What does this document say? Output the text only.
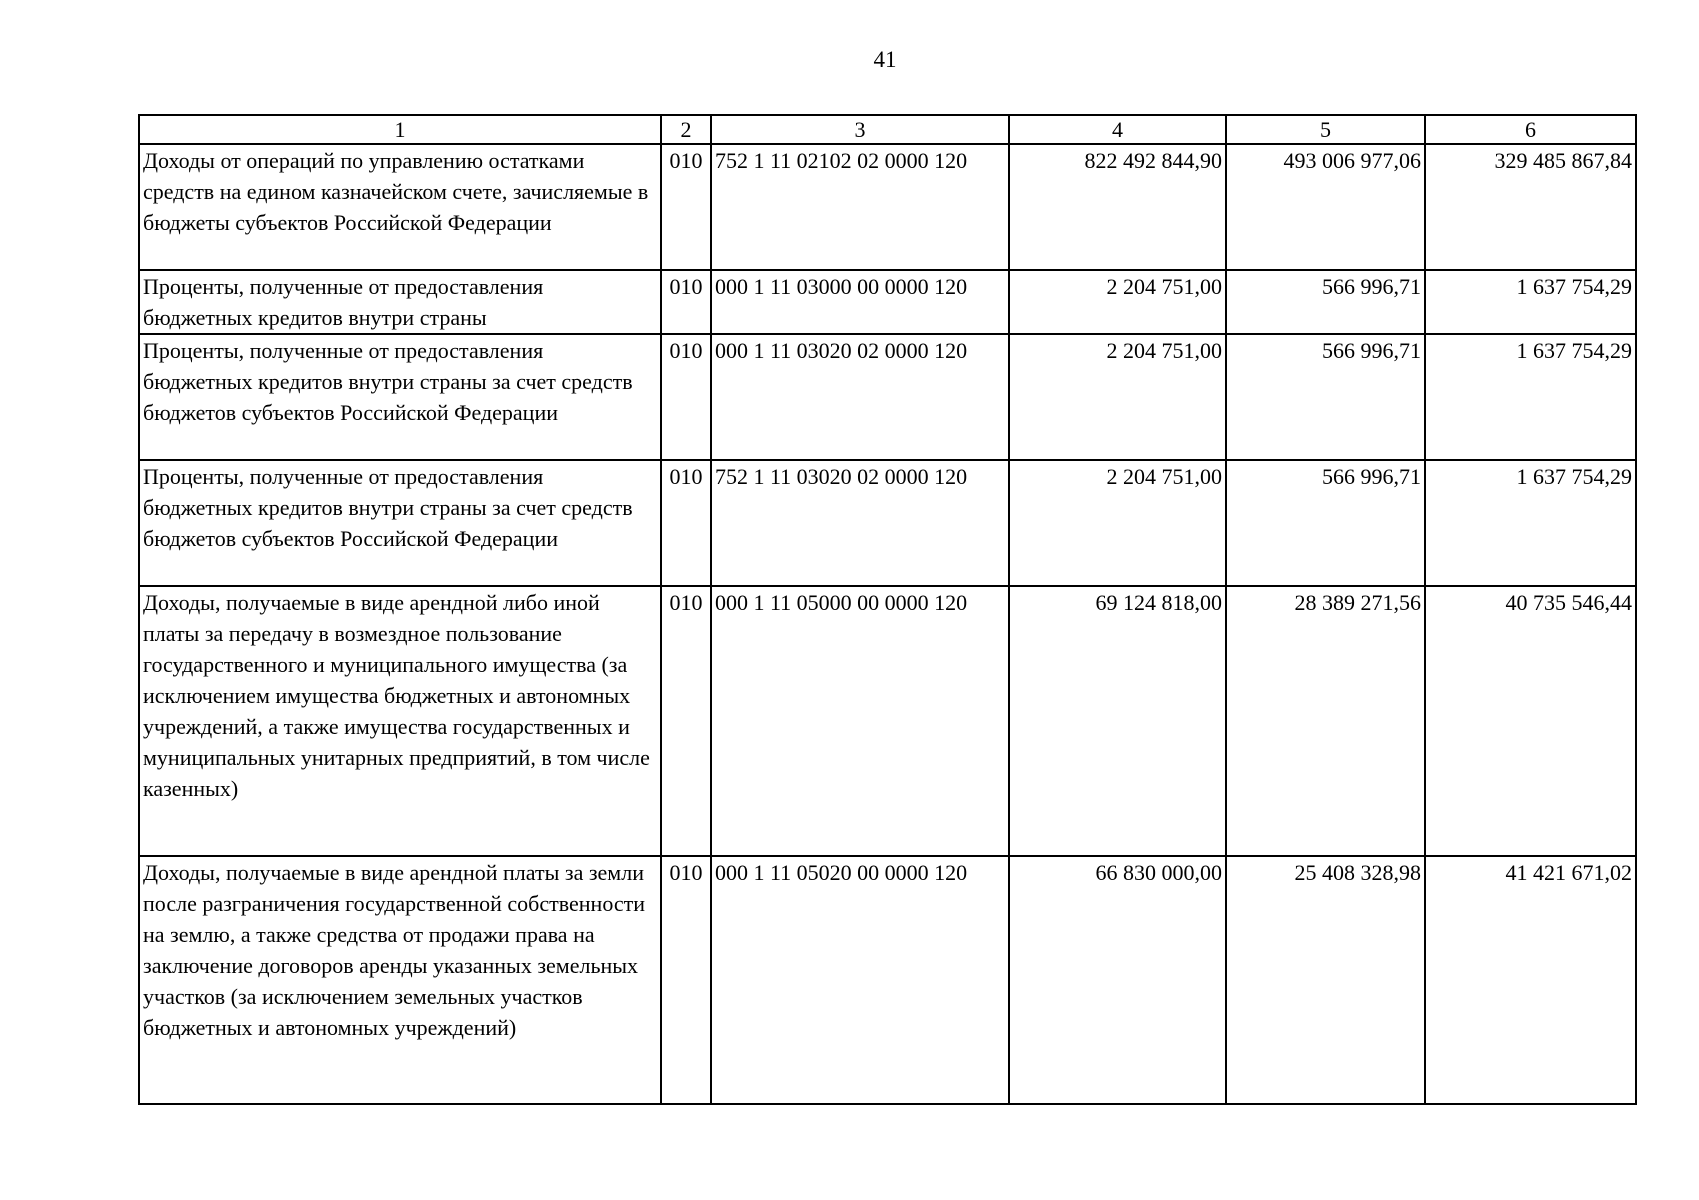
41
1	2	3	4	5	6
Доходы от операций по управлению остатками средств на едином казначейском счете, зачисляемые в бюджеты субъектов Российской Федерации	010	752 1 11 02102 02 0000 120	822 492 844,90	493 006 977,06	329 485 867,84
Проценты, полученные от предоставления бюджетных кредитов внутри страны	010	000 1 11 03000 00 0000 120	2 204 751,00	566 996,71	1 637 754,29
Проценты, полученные от предоставления бюджетных кредитов внутри страны за счет средств бюджетов субъектов Российской Федерации	010	000 1 11 03020 02 0000 120	2 204 751,00	566 996,71	1 637 754,29
Проценты, полученные от предоставления бюджетных кредитов внутри страны за счет средств бюджетов субъектов Российской Федерации	010	752 1 11 03020 02 0000 120	2 204 751,00	566 996,71	1 637 754,29
Доходы, получаемые в виде арендной либо иной платы за передачу в возмездное пользование государственного и муниципального имущества (за исключением имущества бюджетных и автономных учреждений, а также имущества государственных и муниципальных унитарных предприятий, в том числе казенных)	010	000 1 11 05000 00 0000 120	69 124 818,00	28 389 271,56	40 735 546,44
Доходы, получаемые в виде арендной платы за земли после разграничения государственной собственности на землю, а также средства от продажи права на заключение договоров аренды указанных земельных участков (за исключением земельных участков бюджетных и автономных учреждений)	010	000 1 11 05020 00 0000 120	66 830 000,00	25 408 328,98	41 421 671,02
